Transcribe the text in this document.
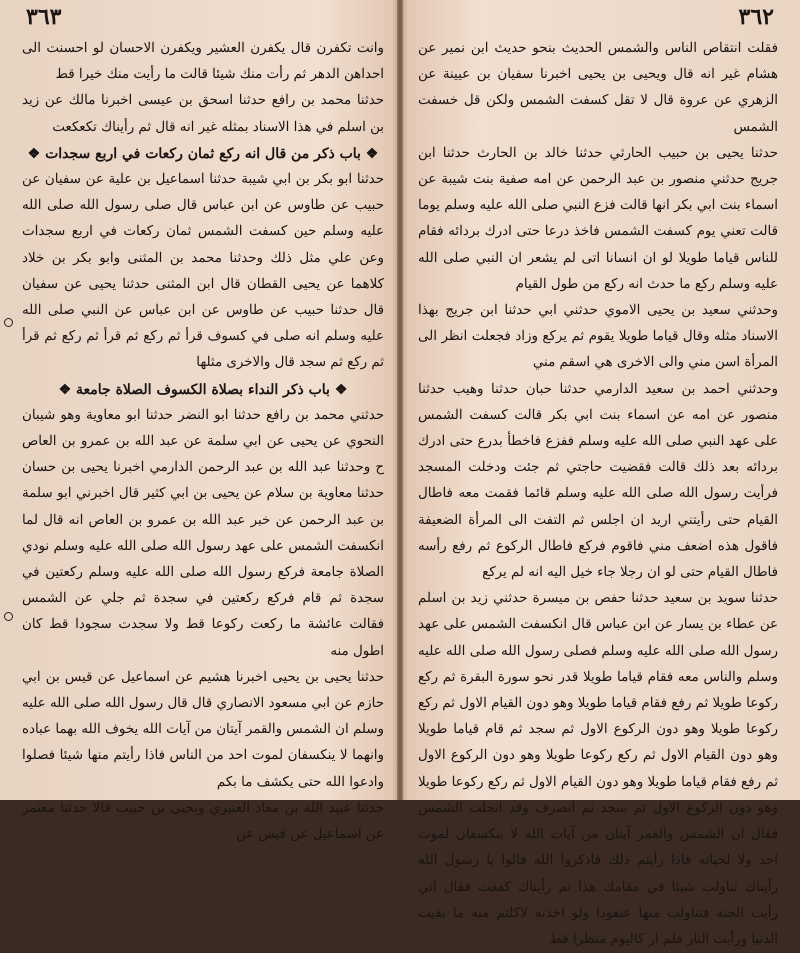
٣٦٣

وانت تكفرن قال يكفرن العشير ويكفرن الاحسان لو احسنت الى احداهن الدهر ثم رأت منك شيئا قالت ما رأيت منك خيرا قط

حدثنا محمد بن رافع حدثنا اسحق بن عيسى اخبرنا مالك عن زيد بن اسلم في هذا الاسناد بمثله غير انه قال ثم رأيناك تكعكعت

❖ باب ذكر من قال انه ركع ثمان ركعات في اربع سجدات ❖

حدثنا ابو بكر بن ابي شيبة حدثنا اسماعيل بن علية عن سفيان عن حبيب عن طاوس عن ابن عباس قال صلى رسول الله صلى الله عليه وسلم حين كسفت الشمس ثمان ركعات في اربع سجدات وعن علي مثل ذلك وحدثنا محمد بن المثنى وابو بكر بن خلاد كلاهما عن يحيى القطان قال ابن المثنى حدثنا يحيى عن سفيان قال حدثنا حبيب عن طاوس عن ابن عباس عن النبي صلى الله عليه وسلم انه صلى في كسوف قرأ ثم ركع ثم قرأ ثم ركع ثم قرأ ثم ركع ثم سجد قال والاخرى مثلها

❖ باب ذكر النداء بصلاة الكسوف الصلاة جامعة ❖

حدثني محمد بن رافع حدثنا ابو النضر حدثنا ابو معاوية وهو شيبان النحوي عن يحيى عن ابي سلمة عن عبد الله بن عمرو بن العاص ح وحدثنا عبد الله بن عبد الرحمن الدارمي اخبرنا يحيى بن حسان حدثنا معاوية بن سلام عن يحيى بن ابي كثير قال اخبرني ابو سلمة بن عبد الرحمن عن خبر عبد الله بن عمرو بن العاص انه قال لما انكسفت الشمس على عهد رسول الله صلى الله عليه وسلم نودي الصلاة جامعة فركع رسول الله صلى الله عليه وسلم ركعتين في سجدة ثم قام فركع ركعتين في سجدة ثم جلي عن الشمس فقالت عائشة ما ركعت ركوعا قط ولا سجدت سجودا قط كان اطول منه

حدثنا يحيى بن يحيى اخبرنا هشيم عن اسماعيل عن قيس بن ابي حازم عن ابي مسعود الانصاري قال قال رسول الله صلى الله عليه وسلم ان الشمس والقمر آيتان من آيات الله يخوف الله بهما عباده وانهما لا ينكسفان لموت احد من الناس فاذا رأيتم منها شيئا فصلوا وادعوا الله حتى يكشف ما بكم

حدثنا عبيد الله بن معاذ العنبري ويحيى بن حبيب قالا حدثنا معتمر عن اسماعيل عن قيس عن

٣٦٢

فقلت انتقاص الناس والشمس الحديث بنحو حديث ابن نمير عن هشام غير انه قال ويحيى بن يحيى اخبرنا سفيان بن عيينة عن الزهري عن عروة قال لا تقل كسفت الشمس ولكن قل خسفت الشمس

حدثنا يحيى بن حبيب الحارثي حدثنا خالد بن الحارث حدثنا ابن جريج حدثني منصور بن عبد الرحمن عن امه صفية بنت شيبة عن اسماء بنت ابي بكر انها قالت فزع النبي صلى الله عليه وسلم يوما قالت تعني يوم كسفت الشمس فاخذ درعا حتى ادرك بردائه فقام للناس قياما طويلا لو ان انسانا اتى لم يشعر ان النبي صلى الله عليه وسلم ركع ما حدث انه ركع من طول القيام

وحدثني سعيد بن يحيى الاموي حدثني ابي حدثنا ابن جريج بهذا الاسناد مثله وقال قياما طويلا يقوم ثم يركع وزاد فجعلت انظر الى المرأة اسن مني والى الاخرى هي اسقم مني

وحدثني احمد بن سعيد الدارمي حدثنا حبان حدثنا وهيب حدثنا منصور عن امه عن اسماء بنت ابي بكر قالت كسفت الشمس على عهد النبي صلى الله عليه وسلم ففزع فاخطأ بدرع حتى ادرك بردائه بعد ذلك قالت فقضيت حاجتي ثم جئت ودخلت المسجد فرأيت رسول الله صلى الله عليه وسلم قائما فقمت معه فاطال القيام حتى رأيتني اريد ان اجلس ثم التفت الى المرأة الضعيفة فاقول هذه اضعف مني فاقوم فركع فاطال الركوع ثم رفع رأسه فاطال القيام حتى لو ان رجلا جاء خيل اليه انه لم يركع

حدثنا سويد بن سعيد حدثنا حفص بن ميسرة حدثني زيد بن اسلم عن عطاء بن يسار عن ابن عباس قال انكسفت الشمس على عهد رسول الله صلى الله عليه وسلم فصلى رسول الله صلى الله عليه وسلم والناس معه فقام قياما طويلا قدر نحو سورة البقرة ثم ركع ركوعا طويلا ثم رفع فقام قياما طويلا وهو دون القيام الاول ثم ركع ركوعا طويلا وهو دون الركوع الاول ثم سجد ثم قام قياما طويلا وهو دون القيام الاول ثم ركع ركوعا طويلا وهو دون الركوع الاول ثم رفع فقام قياما طويلا وهو دون القيام الاول ثم ركع ركوعا طويلا وهو دون الركوع الاول ثم سجد ثم انصرف وقد انجلت الشمس فقال ان الشمس والقمر آيتان من آيات الله لا ينكسفان لموت احد ولا لحياته فاذا رأيتم ذلك فاذكروا الله قالوا يا رسول الله رأيناك تناولت شيئا في مقامك هذا ثم رأيناك كففت فقال اني رأيت الجنة فتناولت منها عنقودا ولو اخذته لاكلتم منه ما بقيت الدنيا ورأيت النار فلم ار كاليوم منظرا قط
